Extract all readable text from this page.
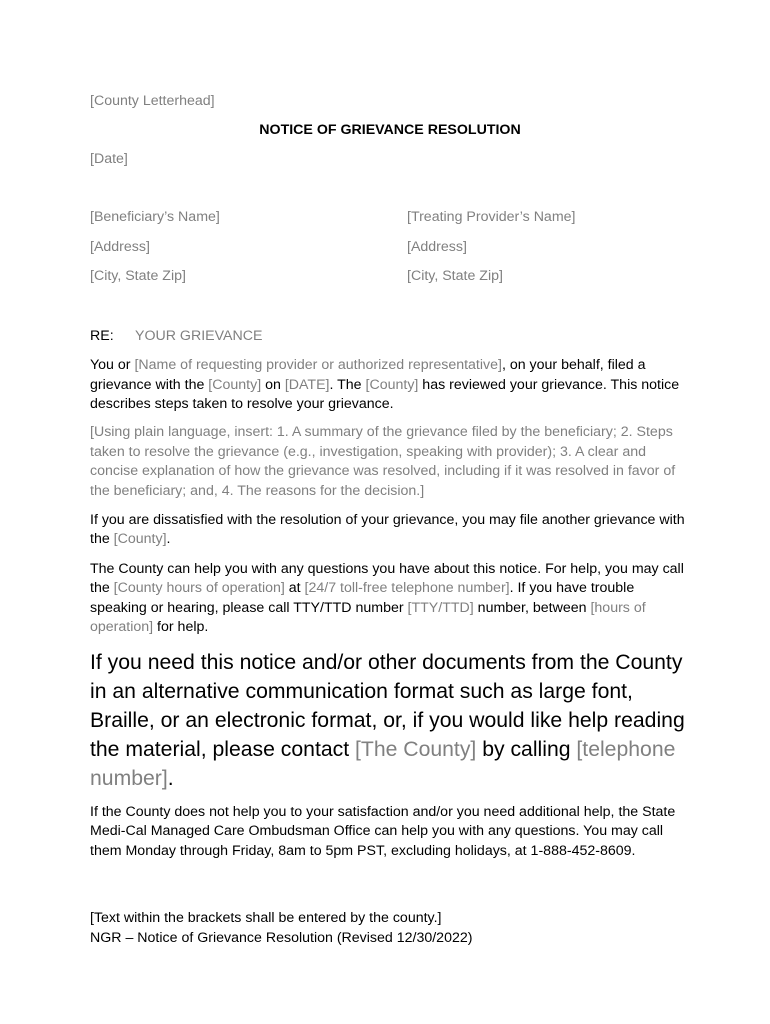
[County Letterhead]

NOTICE OF GRIEVANCE RESOLUTION

[Date]

[Beneficiary’s Name]	[Treating Provider’s Name]
[Address]	[Address]
[City, State Zip]	[City, State Zip]
RE:	YOUR GRIEVANCE

You or [Name of requesting provider or authorized representative], on your behalf, filed a grievance with the [County] on [DATE]. The [County] has reviewed your grievance. This notice describes steps taken to resolve your grievance.

[Using plain language, insert: 1. A summary of the grievance filed by the beneficiary; 2. Steps taken to resolve the grievance (e.g., investigation, speaking with provider); 3. A clear and concise explanation of how the grievance was resolved, including if it was resolved in favor of the beneficiary; and, 4. The reasons for the decision.]

If you are dissatisfied with the resolution of your grievance, you may file another grievance with the [County].

The County can help you with any questions you have about this notice. For help, you may call the [County hours of operation] at [24/7 toll-free telephone number]. If you have trouble speaking or hearing, please call TTY/TTD number [TTY/TTD] number, between [hours of operation] for help.

If you need this notice and/or other documents from the County in an alternative communication format such as large font, Braille, or an electronic format, or, if you would like help reading the material, please contact [The County] by calling [telephone number].

If the County does not help you to your satisfaction and/or you need additional help, the State Medi-Cal Managed Care Ombudsman Office can help you with any questions. You may call them Monday through Friday, 8am to 5pm PST, excluding holidays, at 1-888-452-8609.

[Text within the brackets shall be entered by the county.]

NGR – Notice of Grievance Resolution (Revised 12/30/2022)
